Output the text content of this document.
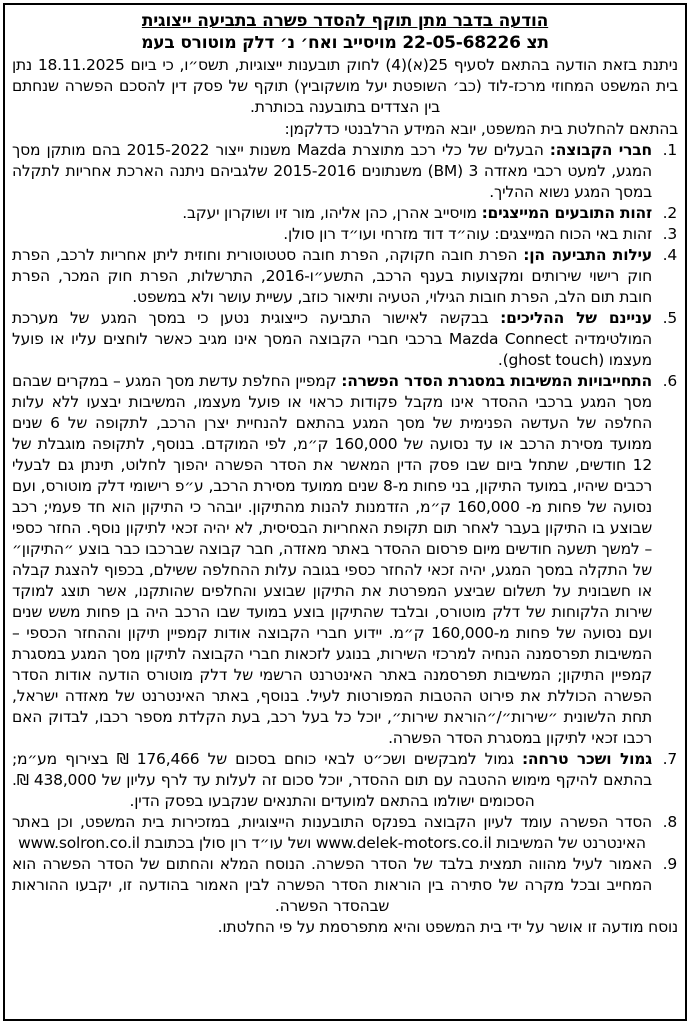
הודעה בדבר מתן תוקף להסדר פשרה בתביעה ייצוגית

תצ 22-05-68226 מויסייב ואח׳ נ׳ דלק מוטורס בעמ

ניתנת בזאת הודעה בהתאם לסעיף 25(א)(4) לחוק תובענות ייצוגיות, תשס״ו, כי ביום 18.11.2025 נתן בית המשפט המחוזי מרכז-לוד (כב׳ השופטת יעל מושקוביץ) תוקף של פסק דין להסכם הפשרה שנחתם בין הצדדים בתובענה בכותרת.

בהתאם להחלטת בית המשפט, יובא המידע הרלבנטי כדלקמן:

1.
חברי הקבוצה: הבעלים של כלי רכב מתוצרת Mazda משנות ייצור 2015-2022 בהם מותקן מסך המגע, למעט רכבי מאזדה 3 (BM) משנתונים 2015-2016 שלגביהם ניתנה הארכת אחריות לתקלה במסך המגע נשוא ההליך.
2.
זהות התובעים המייצגים: מויסייב אהרן, כהן אליהו, מור זיו ושוקרון יעקב.
3.
זהות באי הכוח המייצגים: עוה״ד דוד מזרחי ועו״ד רון סולן.
4.
עילות התביעה הן: הפרת חובה חקוקה, הפרת חובה סטטוטורית וחוזית ליתן אחריות לרכב, הפרת חוק רישוי שירותים ומקצועות בענף הרכב, התשע״ו-2016, התרשלות, הפרת חוק המכר, הפרת חובת תום הלב, הפרת חובות הגילוי, הטעיה ותיאור כוזב, עשיית עושר ולא במשפט.
5.
עניינם של ההליכים: בבקשה לאישור התביעה כייצוגית נטען כי במסך המגע של מערכת המולטימדיה Mazda Connect ברכבי חברי הקבוצה המסך אינו מגיב כאשר לוחצים עליו או פועל מעצמו (ghost touch).
6.
התחייבויות המשיבות במסגרת הסדר הפשרה: קמפיין החלפת עדשת מסך המגע – במקרים שבהם מסך המגע ברכבי ההסדר אינו מקבל פקודות כראוי או פועל מעצמו, המשיבות יבצעו ללא עלות החלפה של העדשה הפנימית של מסך המגע בהתאם להנחיית יצרן הרכב, לתקופה של 6 שנים ממועד מסירת הרכב או עד נסועה של 160,000 ק״מ, לפי המוקדם. בנוסף, לתקופה מוגבלת של 12 חודשים, שתחל ביום שבו פסק הדין המאשר את הסדר הפשרה יהפוך לחלוט, תינתן גם לבעלי רכבים שיהיו, במועד התיקון, בני פחות מ-8 שנים ממועד מסירת הרכב, ע״פ רישומי דלק מוטורס, ועם נסועה של פחות מ- 160,000 ק״מ, הזדמנות להנות מהתיקון. יובהר כי התיקון הוא חד פעמי; רכב שבוצע בו התיקון בעבר לאחר תום תקופת האחריות הבסיסית, לא יהיה זכאי לתיקון נוסף. החזר כספי – למשך תשעה חודשים מיום פרסום ההסדר באתר מאזדה, חבר קבוצה שברכבו כבר בוצע ״התיקון״ של התקלה במסך המגע, יהיה זכאי להחזר כספי בגובה עלות ההחלפה ששילם, בכפוף להצגת קבלה או חשבונית על תשלום שביצע המפרטת את התיקון שבוצע והחלפים שהותקנו, אשר תוצג למוקד שירות הלקוחות של דלק מוטורס, ובלבד שהתיקון בוצע במועד שבו הרכב היה בן פחות משש שנים ועם נסועה של פחות מ-160,000 ק״מ. יידוע חברי הקבוצה אודות קמפיין תיקון וההחזר הכספי – המשיבות תפרסמנה הנחיה למרכזי השירות, בנוגע לזכאות חברי הקבוצה לתיקון מסך המגע במסגרת קמפיין התיקון; המשיבות תפרסמנה באתר האינטרנט הרשמי של דלק מוטורס הודעה אודות הסדר הפשרה הכוללת את פירוט ההטבות המפורטות לעיל. בנוסף, באתר האינטרנט של מאזדה ישראל, תחת הלשונית ״שירות״/״הוראת שירות״, יוכל כל בעל רכב, בעת הקלדת מספר רכבו, לבדוק האם רכבו זכאי לתיקון במסגרת הסדר הפשרה.
7.
גמול ושכר טרחה: גמול למבקשים ושכ״ט לבאי כוחם בסכום של 176,466 ₪ בצירוף מע״מ; בהתאם להיקף מימוש ההטבה עם תום ההסדר, יוכל סכום זה לעלות עד לרף עליון של 438,000 ₪. הסכומים ישולמו בהתאם למועדים והתנאים שנקבעו בפסק הדין.
8.
הסדר הפשרה עומד לעיון הקבוצה בפנקס התובענות הייצוגיות, במזכירות בית המשפט, וכן באתר האינטרנט של המשיבות www.delek-motors.co.il ושל עו״ד רון סולן בכתובת www.solron.co.il
9.
האמור לעיל מהווה תמצית בלבד של הסדר הפשרה. הנוסח המלא והחתום של הסדר הפשרה הוא המחייב ובכל מקרה של סתירה בין הוראות הסדר הפשרה לבין האמור בהודעה זו, יקבעו ההוראות שבהסדר הפשרה.

נוסח מודעה זו אושר על ידי בית המשפט והיא מתפרסמת על פי החלטתו.
